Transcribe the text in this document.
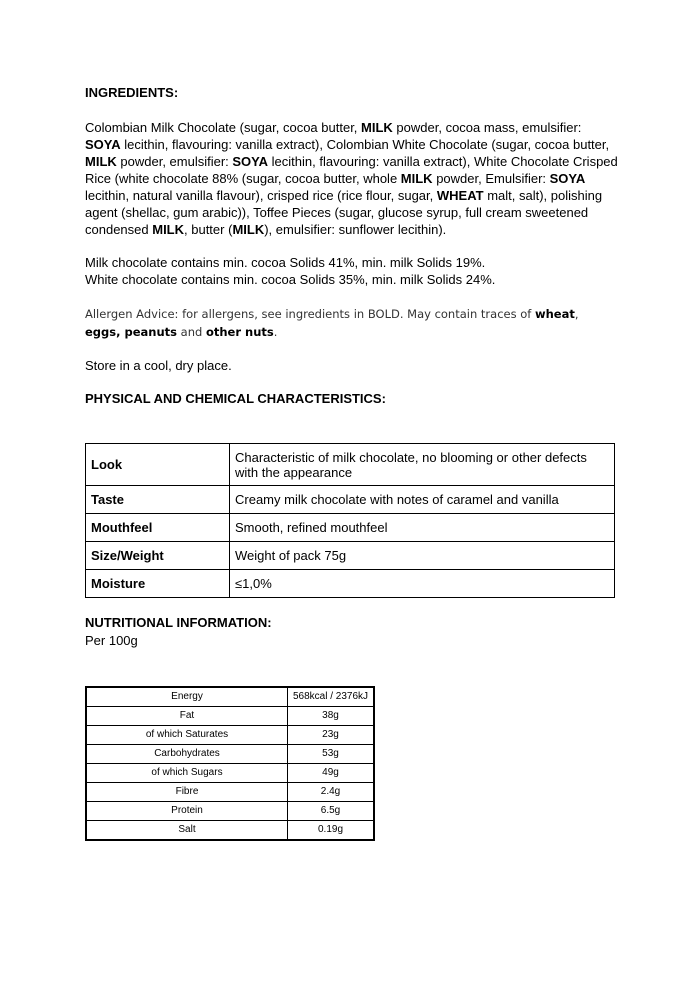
INGREDIENTS:
Colombian Milk Chocolate (sugar, cocoa butter, MILK powder, cocoa mass, emulsifier:
SOYA lecithin, flavouring: vanilla extract), Colombian White Chocolate (sugar, cocoa butter,
MILK powder, emulsifier: SOYA lecithin, flavouring: vanilla extract), White Chocolate Crisped
Rice (white chocolate 88% (sugar, cocoa butter, whole MILK powder, Emulsifier: SOYA
lecithin, natural vanilla flavour), crisped rice (rice flour, sugar, WHEAT malt, salt), polishing
agent (shellac, gum arabic)), Toffee Pieces (sugar, glucose syrup, full cream sweetened
condensed MILK, butter (MILK), emulsifier: sunflower lecithin).
Milk chocolate contains min. cocoa Solids 41%, min. milk Solids 19%.
White chocolate contains min. cocoa Solids 35%, min. milk Solids 24%.
Allergen Advice: for allergens, see ingredients in BOLD. May contain traces of wheat,
eggs, peanuts and other nuts.
Store in a cool, dry place.
PHYSICAL AND CHEMICAL CHARACTERISTICS:
NUTRITIONAL INFORMATION:
Per 100g
Look	Characteristic of milk chocolate, no blooming or other defects with the appearance
Taste	Creamy milk chocolate with notes of caramel and vanilla
Mouthfeel	Smooth, refined mouthfeel
Size/Weight	Weight of pack 75g
Moisture	≤1,0%
Energy	568kcal / 2376kJ
Fat	38g
of which Saturates	23g
Carbohydrates	53g
of which Sugars	49g
Fibre	2.4g
Protein	6.5g
Salt	0.19g
